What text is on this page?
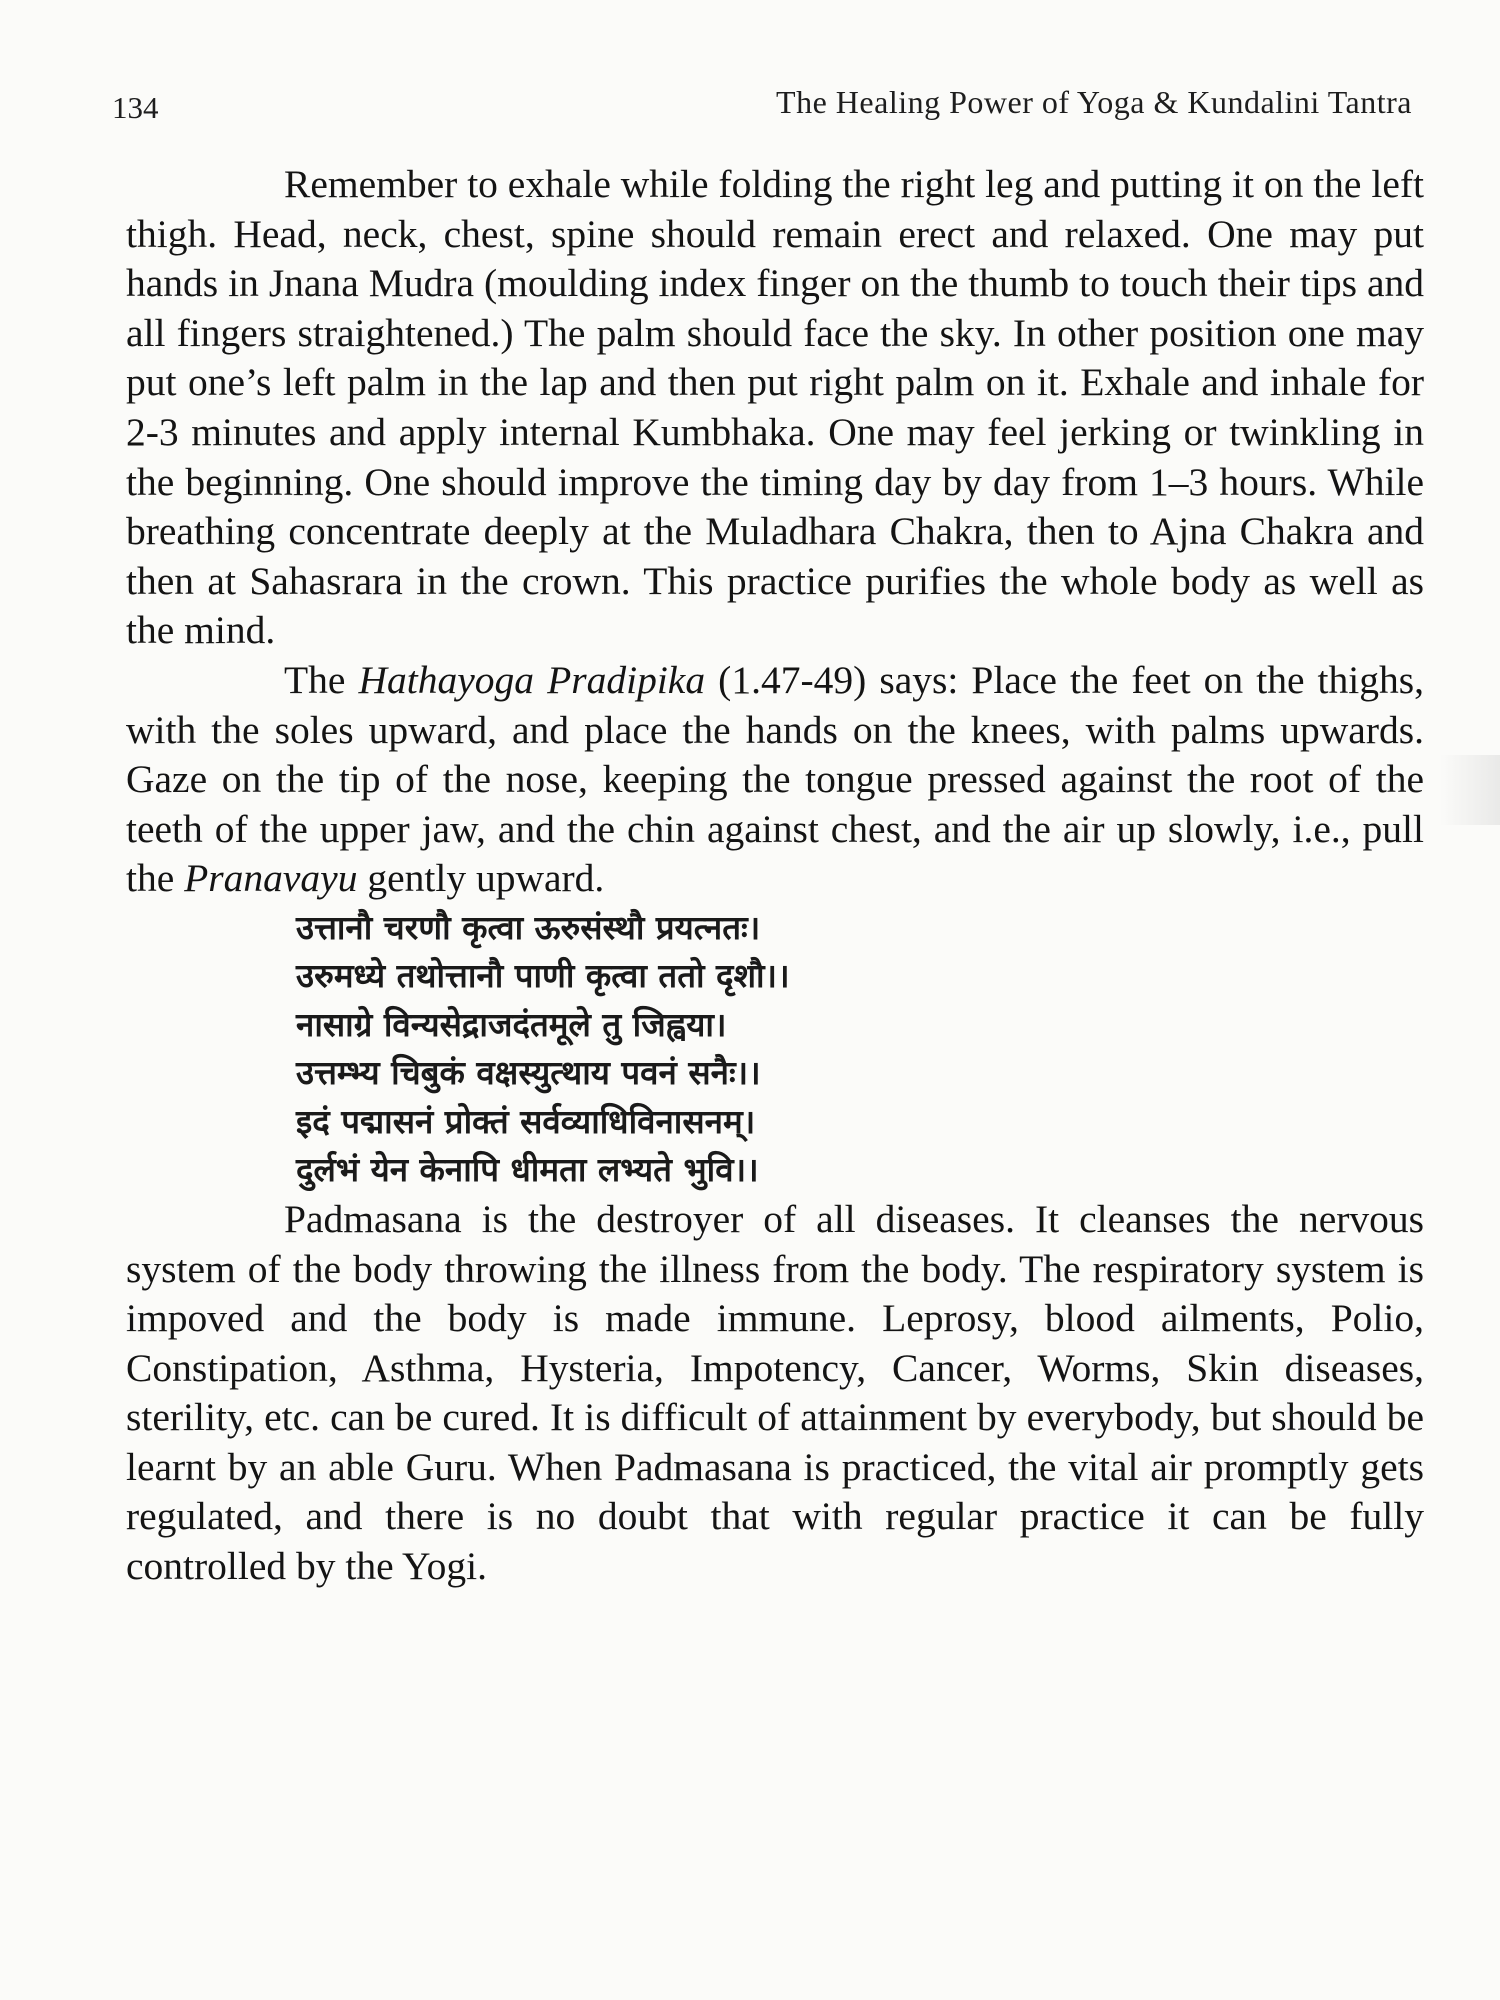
134	The Healing Power of Yoga & Kundalini Tantra

Remember to exhale while folding the right leg and putting it on the left thigh. Head, neck, chest, spine should remain erect and relaxed. One may put hands in Jnana Mudra (moulding index finger on the thumb to touch their tips and all fingers straightened.) The palm should face the sky. In other position one may put one’s left palm in the lap and then put right palm on it. Exhale and inhale for 2-3 minutes and apply internal Kumbhaka. One may feel jerking or twinkling in the beginning. One should improve the timing day by day from 1–3 hours. While breathing concentrate deeply at the Muladhara Chakra, then to Ajna Chakra and then at Sahasrara in the crown. This practice purifies the whole body as well as the mind.

The Hathayoga Pradipika (1.47-49) says: Place the feet on the thighs, with the soles upward, and place the hands on the knees, with palms upwards. Gaze on the tip of the nose, keeping the tongue pressed against the root of the teeth of the upper jaw, and the chin against chest, and the air up slowly, i.e., pull the Pranavayu gently upward.

उत्तानौ चरणौ कृत्वा ऊरुसंस्थौ प्रयत्नतः।
उरुमध्ये तथोत्तानौ पाणी कृत्वा ततो दृशौ।।
नासाग्रे विन्यसेद्राजदंतमूले तु जिह्वया।
उत्तम्भ्य चिबुकं वक्षस्युत्थाय पवनं सनैः।।
इदं पद्मासनं प्रोक्तं सर्वव्याधिविनासनम्।
दुर्लभं येन केनापि धीमता लभ्यते भुवि।।

Padmasana is the destroyer of all diseases. It cleanses the nervous system of the body throwing the illness from the body. The respiratory system is impoved and the body is made immune. Leprosy, blood ailments, Polio, Constipation, Asthma, Hysteria, Impotency, Cancer, Worms, Skin diseases, sterility, etc. can be cured. It is difficult of attainment by everybody, but should be learnt by an able Guru. When Padmasana is practiced, the vital air promptly gets regulated, and there is no doubt that with regular practice it can be fully controlled by the Yogi.
